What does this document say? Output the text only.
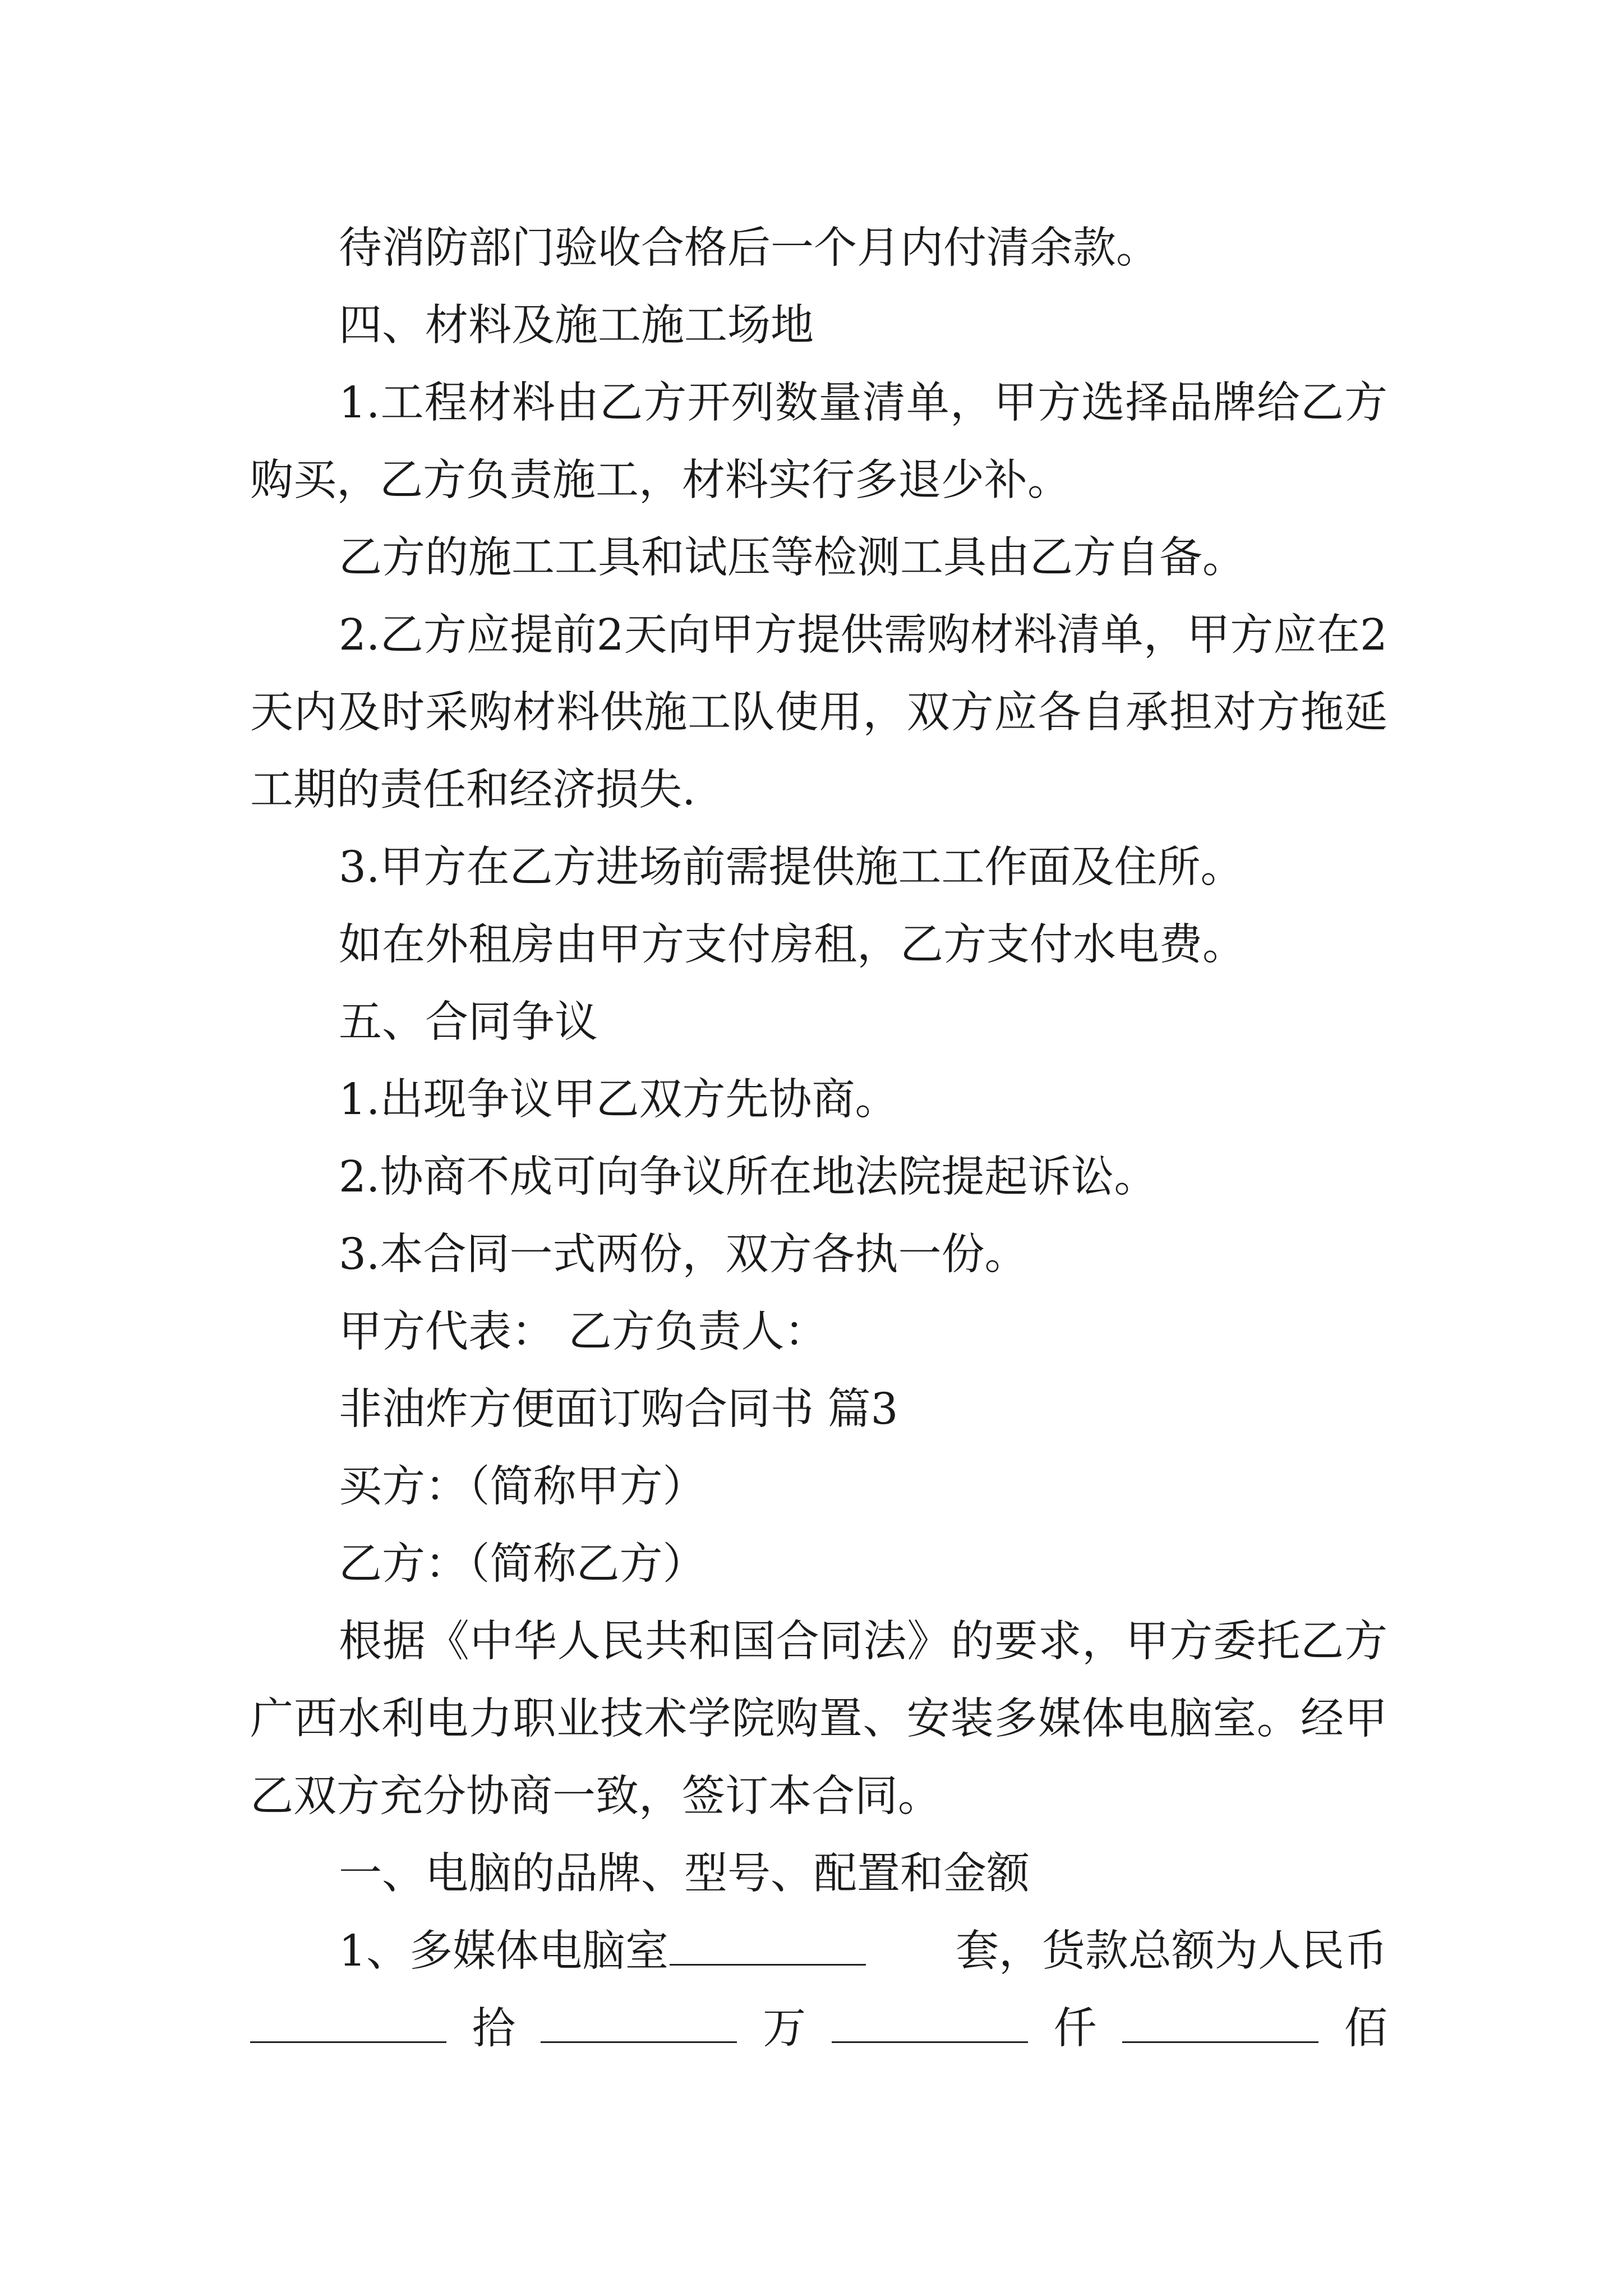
待消防部门验收合格后一个月内付清余款。

四、材料及施工施工场地

1.工程材料由乙方开列数量清单，甲方选择品牌给乙方购买，乙方负责施工，材料实行多退少补。

乙方的施工工具和试压等检测工具由乙方自备。

2.乙方应提前2天向甲方提供需购材料清单，甲方应在2天内及时采购材料供施工队使用，双方应各自承担对方拖延工期的责任和经济损失.

3.甲方在乙方进场前需提供施工工作面及住所。

如在外租房由甲方支付房租，乙方支付水电费。

五、合同争议

1.出现争议甲乙双方先协商。

2.协商不成可向争议所在地法院提起诉讼。

3.本合同一式两份，双方各执一份。

甲方代表： 乙方负责人：

非油炸方便面订购合同书 篇3

买方：（简称甲方）

乙方：（简称乙方）

根据《中华人民共和国合同法》的要求，甲方委托乙方广西水利电力职业技术学院购置、安装多媒体电脑室。经甲乙双方充分协商一致，签订本合同。

一、电脑的品牌、型号、配置和金额

1、多媒体电脑室	套，货款总额为人民币

拾	万	仟	佰
